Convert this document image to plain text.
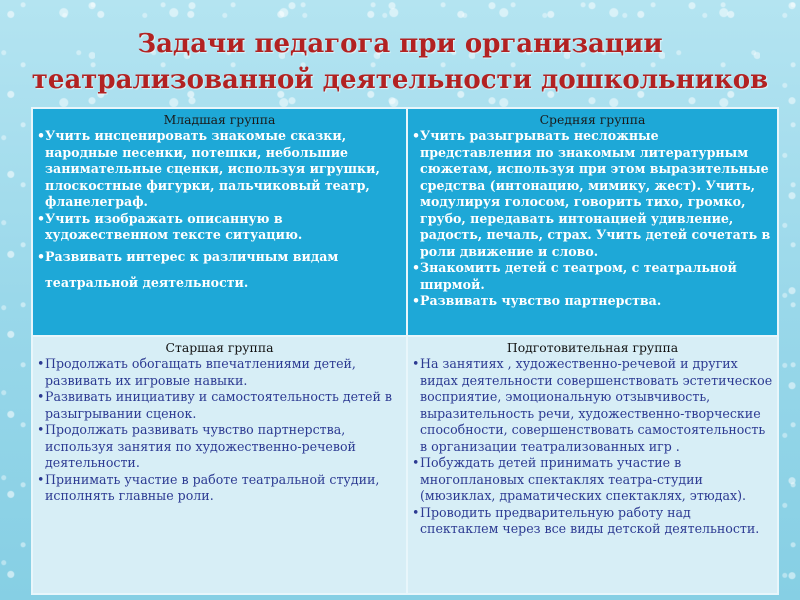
Задачи педагога при организации
театрализованной деятельности дошкольников
Младшая группа
• Учить инсценировать знакомые сказки, народные песенки, потешки, небольшие занимательные сценки, используя игрушки, плоскостные фигурки, пальчиковый театр, фланелеграф.
• Учить изображать описанную в художественном тексте ситуацию.
• Развивать интерес к различным видам театральной деятельности.
Средняя группа
• Учить разыгрывать несложные представления по знакомым литературным сюжетам, используя при этом выразительные средства (интонацию, мимику, жест). Учить, модулируя голосом, говорить тихо, громко, грубо, передавать интонацией удивление, радость, печаль, страх. Учить детей сочетать в роли движение и слово.
• Знакомить детей с театром, с театральной ширмой.
• Развивать чувство партнерства.
Старшая группа
• Продолжать обогащать впечатлениями детей, развивать их игровые навыки.
• Развивать инициативу и самостоятельность детей в разыгрывании сценок.
• Продолжать развивать чувство партнерства, используя занятия по художественно-речевой деятельности.
• Принимать участие в работе театральной студии, исполнять главные роли.
Подготовительная группа
• На занятиях , художественно-речевой и других видах деятельности совершенствовать эстетическое восприятие, эмоциональную отзывчивость, выразительность речи, художественно-творческие способности, совершенствовать самостоятельность в организации театрализованных игр .
• Побуждать детей принимать участие в многоплановых спектаклях театра-студии (мюзиклах, драматических спектаклях, этюдах).
• Проводить предварительную работу над спектаклем через все виды детской деятельности.
